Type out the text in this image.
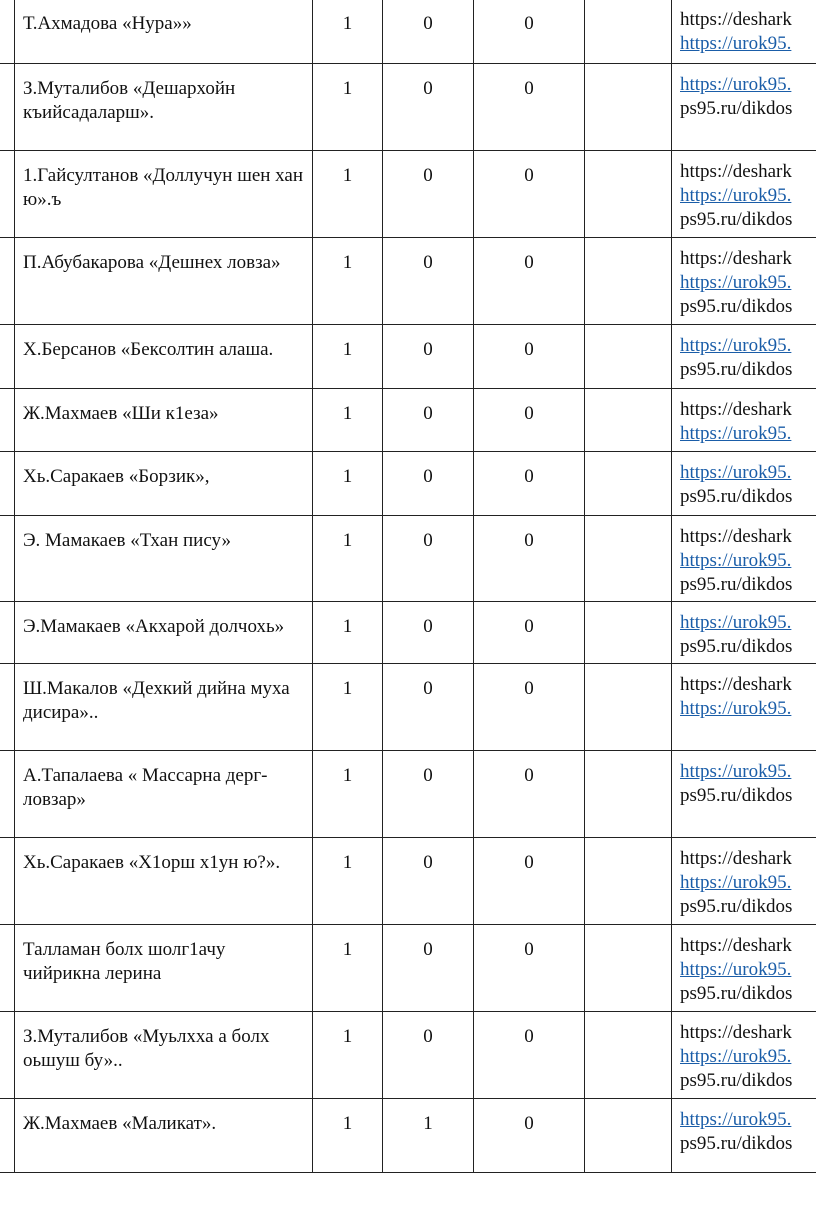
	Т.Ахмадова «Нура»»	1	0	0		https://deshark
https://urok95.

	З.Муталибов «Дешархойн къийсадаларш».	1	0	0		https://urok95.
ps95.ru/dikdos

	1.Гайсултанов «Доллучун шен хан ю».ъ	1	0	0		https://deshark
https://urok95.
ps95.ru/dikdos

	П.Абубакарова «Дешнех ловза»	1	0	0		https://deshark
https://urok95.
ps95.ru/dikdos

	Х.Берсанов «Бексолтин алаша.	1	0	0		https://urok95.
ps95.ru/dikdos

	Ж.Махмаев «Ши к1еза»	1	0	0		https://deshark
https://urok95.

	Хь.Саракаев «Борзик»,	1	0	0		https://urok95.
ps95.ru/dikdos

	Э. Мамакаев «Тхан пису»	1	0	0		https://deshark
https://urok95.
ps95.ru/dikdos

	Э.Мамакаев «Акхарой долчохь»	1	0	0		https://urok95.
ps95.ru/dikdos

	Ш.Макалов «Дехкий дийна муха дисира»..	1	0	0		https://deshark
https://urok95.

	А.Тапалаева « Массарна дерг-ловзар»	1	0	0		https://urok95.
ps95.ru/dikdos

	Хь.Саракаев «Х1орш х1ун ю?».	1	0	0		https://deshark
https://urok95.
ps95.ru/dikdos

	Талламан болх шолг1ачу чийрикна лерина	1	0	0		https://deshark
https://urok95.
ps95.ru/dikdos

	З.Муталибов «Муьлхха а болх оьшуш бу»..	1	0	0		https://deshark
https://urok95.
ps95.ru/dikdos

	Ж.Махмаев «Маликат».	1	1	0		https://urok95.
ps95.ru/dikdos
